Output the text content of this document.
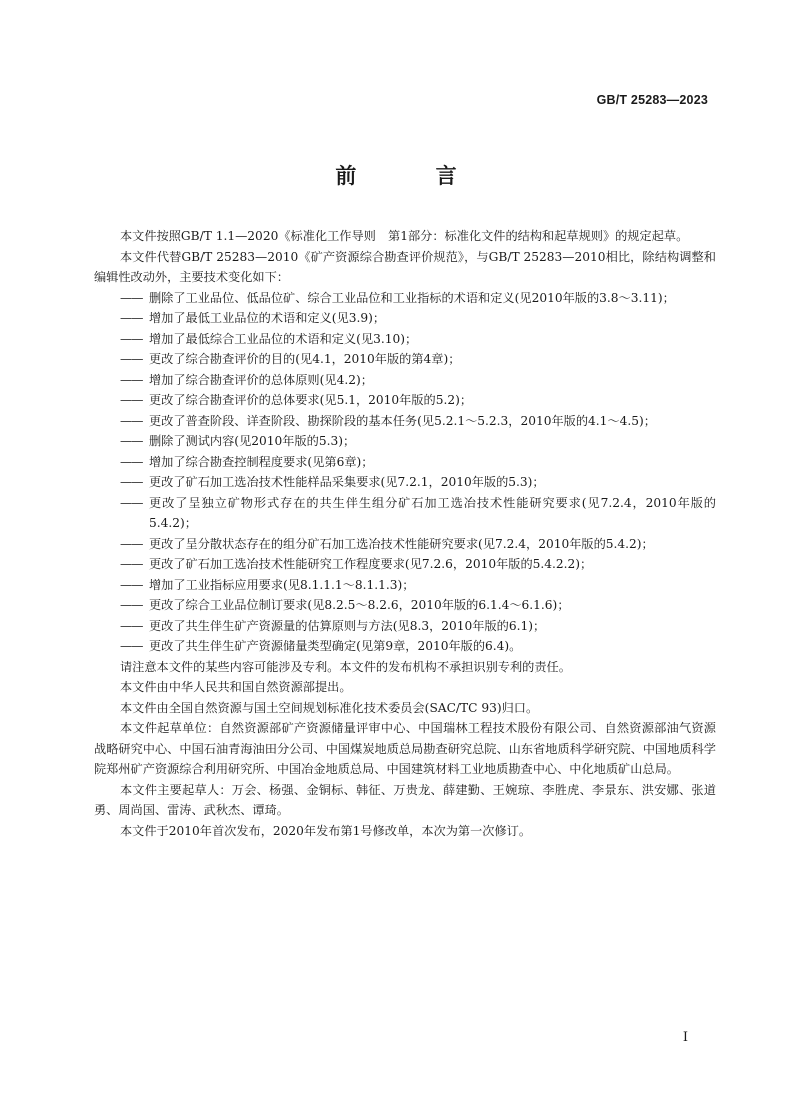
GB/T 25283—2023
前 言

本文件按照GB/T 1.1—2020《标准化工作导则　第1部分：标准化文件的结构和起草规则》的规定起草。

本文件代替GB/T 25283—2010《矿产资源综合勘查评价规范》，与GB/T 25283—2010相比，除结构调整和编辑性改动外，主要技术变化如下：

—— 删除了工业品位、低品位矿、综合工业品位和工业指标的术语和定义(见2010年版的3.8～3.11)；

—— 增加了最低工业品位的术语和定义(见3.9)；

—— 增加了最低综合工业品位的术语和定义(见3.10)；

—— 更改了综合勘查评价的目的(见4.1，2010年版的第4章)；

—— 增加了综合勘查评价的总体原则(见4.2)；

—— 更改了综合勘查评价的总体要求(见5.1，2010年版的5.2)；

—— 更改了普查阶段、详查阶段、勘探阶段的基本任务(见5.2.1～5.2.3，2010年版的4.1～4.5)；

—— 删除了测试内容(见2010年版的5.3)；

—— 增加了综合勘查控制程度要求(见第6章)；

—— 更改了矿石加工选冶技术性能样品采集要求(见7.2.1，2010年版的5.3)；

—— 更改了呈独立矿物形式存在的共生伴生组分矿石加工选冶技术性能研究要求(见7.2.4，2010年版的5.4.2)；

—— 更改了呈分散状态存在的组分矿石加工选冶技术性能研究要求(见7.2.4，2010年版的5.4.2)；

—— 更改了矿石加工选冶技术性能研究工作程度要求(见7.2.6，2010年版的5.4.2.2)；

—— 增加了工业指标应用要求(见8.1.1.1～8.1.1.3)；

—— 更改了综合工业品位制订要求(见8.2.5～8.2.6，2010年版的6.1.4～6.1.6)；

—— 更改了共生伴生矿产资源量的估算原则与方法(见8.3，2010年版的6.1)；

—— 更改了共生伴生矿产资源储量类型确定(见第9章，2010年版的6.4)。

请注意本文件的某些内容可能涉及专利。本文件的发布机构不承担识别专利的责任。

本文件由中华人民共和国自然资源部提出。

本文件由全国自然资源与国土空间规划标准化技术委员会(SAC/TC 93)归口。

本文件起草单位：自然资源部矿产资源储量评审中心、中国瑞林工程技术股份有限公司、自然资源部油气资源战略研究中心、中国石油青海油田分公司、中国煤炭地质总局勘查研究总院、山东省地质科学研究院、中国地质科学院郑州矿产资源综合利用研究所、中国冶金地质总局、中国建筑材料工业地质勘查中心、中化地质矿山总局。

本文件主要起草人：万会、杨强、金铜标、韩征、万贵龙、薛建勤、王婉琼、李胜虎、李景东、洪安娜、张道勇、周尚国、雷涛、武秋杰、谭琦。

本文件于2010年首次发布，2020年发布第1号修改单，本次为第一次修订。

I
